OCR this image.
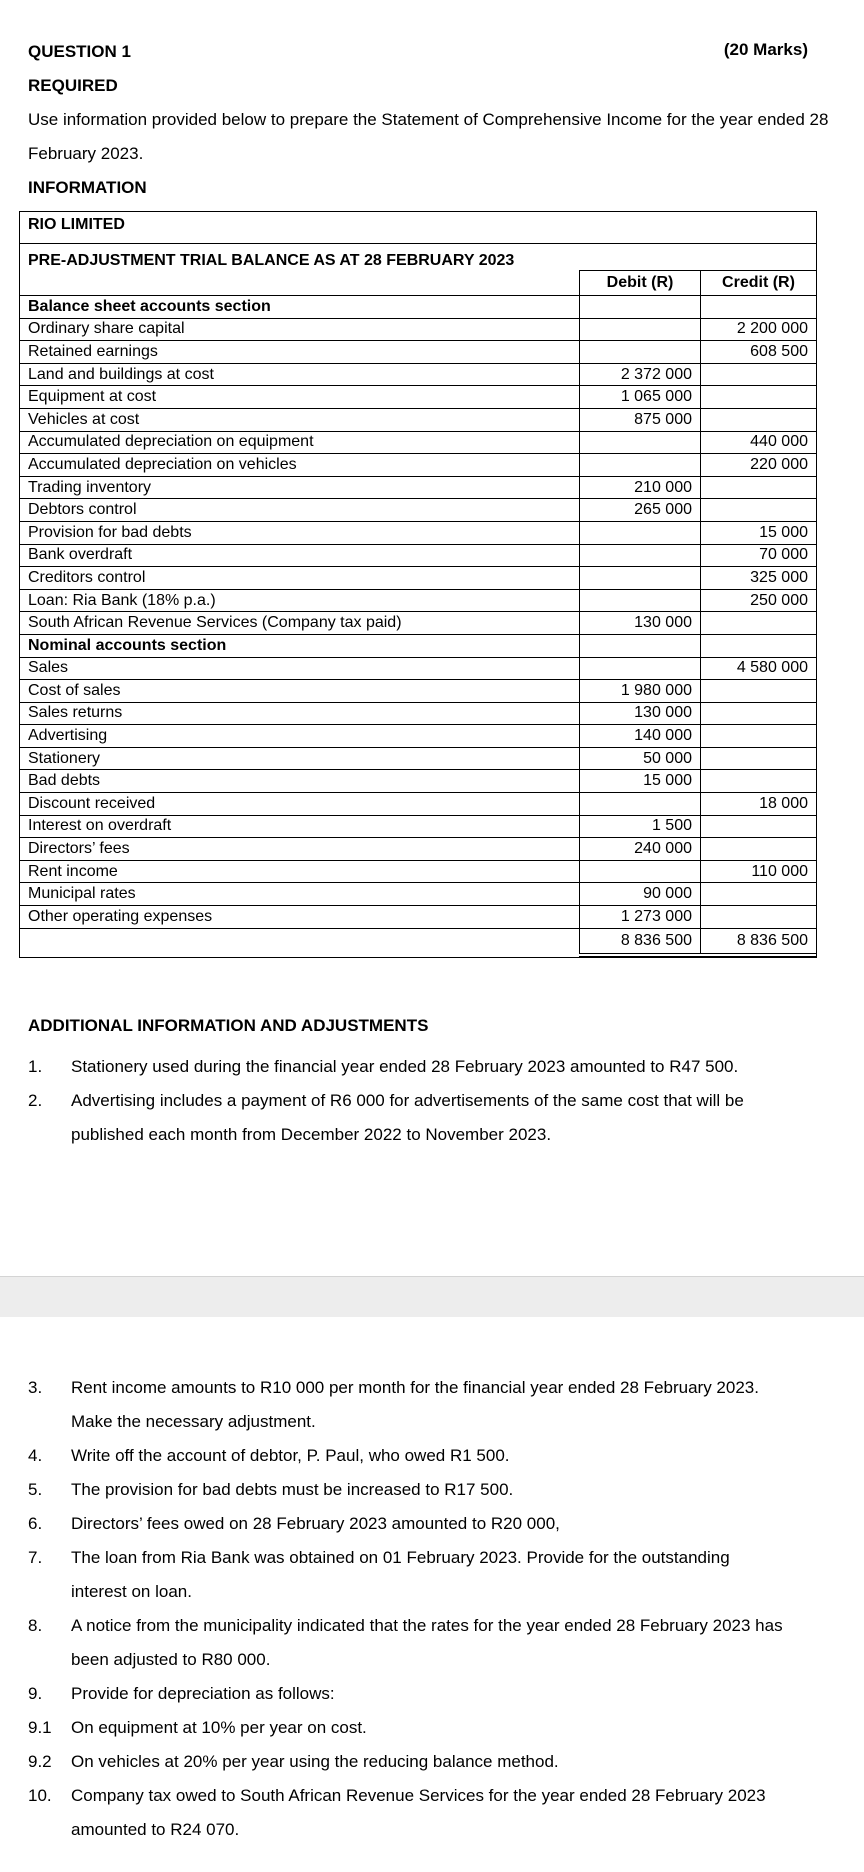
QUESTION 1	(20 Marks)
REQUIRED
Use information provided below to prepare the Statement of Comprehensive Income for the year ended 28
February 2023.
INFORMATION
RIO LIMITED
PRE-ADJUSTMENT TRIAL BALANCE AS AT 28 FEBRUARY 2023
	Debit (R)	Credit (R)
Balance sheet accounts section		
Ordinary share capital		2 200 000
Retained earnings		608 500
Land and buildings at cost	2 372 000	
Equipment at cost	1 065 000	
Vehicles at cost	875 000	
Accumulated depreciation on equipment		440 000
Accumulated depreciation on vehicles		220 000
Trading inventory	210 000	
Debtors control	265 000	
Provision for bad debts		15 000
Bank overdraft		70 000
Creditors control		325 000
Loan: Ria Bank (18% p.a.)		250 000
South African Revenue Services (Company tax paid)	130 000	
Nominal accounts section		
Sales		4 580 000
Cost of sales	1 980 000	
Sales returns	130 000	
Advertising	140 000	
Stationery	50 000	
Bad debts	15 000	
Discount received		18 000
Interest on overdraft	1 500	
Directors’ fees	240 000	
Rent income		110 000
Municipal rates	90 000	
Other operating expenses	1 273 000	
	8 836 500	8 836 500
ADDITIONAL INFORMATION AND ADJUSTMENTS
1. Stationery used during the financial year ended 28 February 2023 amounted to R47 500.
2. Advertising includes a payment of R6 000 for advertisements of the same cost that will be published each month from December 2022 to November 2023.
3. Rent income amounts to R10 000 per month for the financial year ended 28 February 2023. Make the necessary adjustment.
4. Write off the account of debtor, P. Paul, who owed R1 500.
5. The provision for bad debts must be increased to R17 500.
6. Directors’ fees owed on 28 February 2023 amounted to R20 000,
7. The loan from Ria Bank was obtained on 01 February 2023. Provide for the outstanding interest on loan.
8. A notice from the municipality indicated that the rates for the year ended 28 February 2023 has been adjusted to R80 000.
9. Provide for depreciation as follows:
9.1 On equipment at 10% per year on cost.
9.2 On vehicles at 20% per year using the reducing balance method.
10. Company tax owed to South African Revenue Services for the year ended 28 February 2023 amounted to R24 070.
